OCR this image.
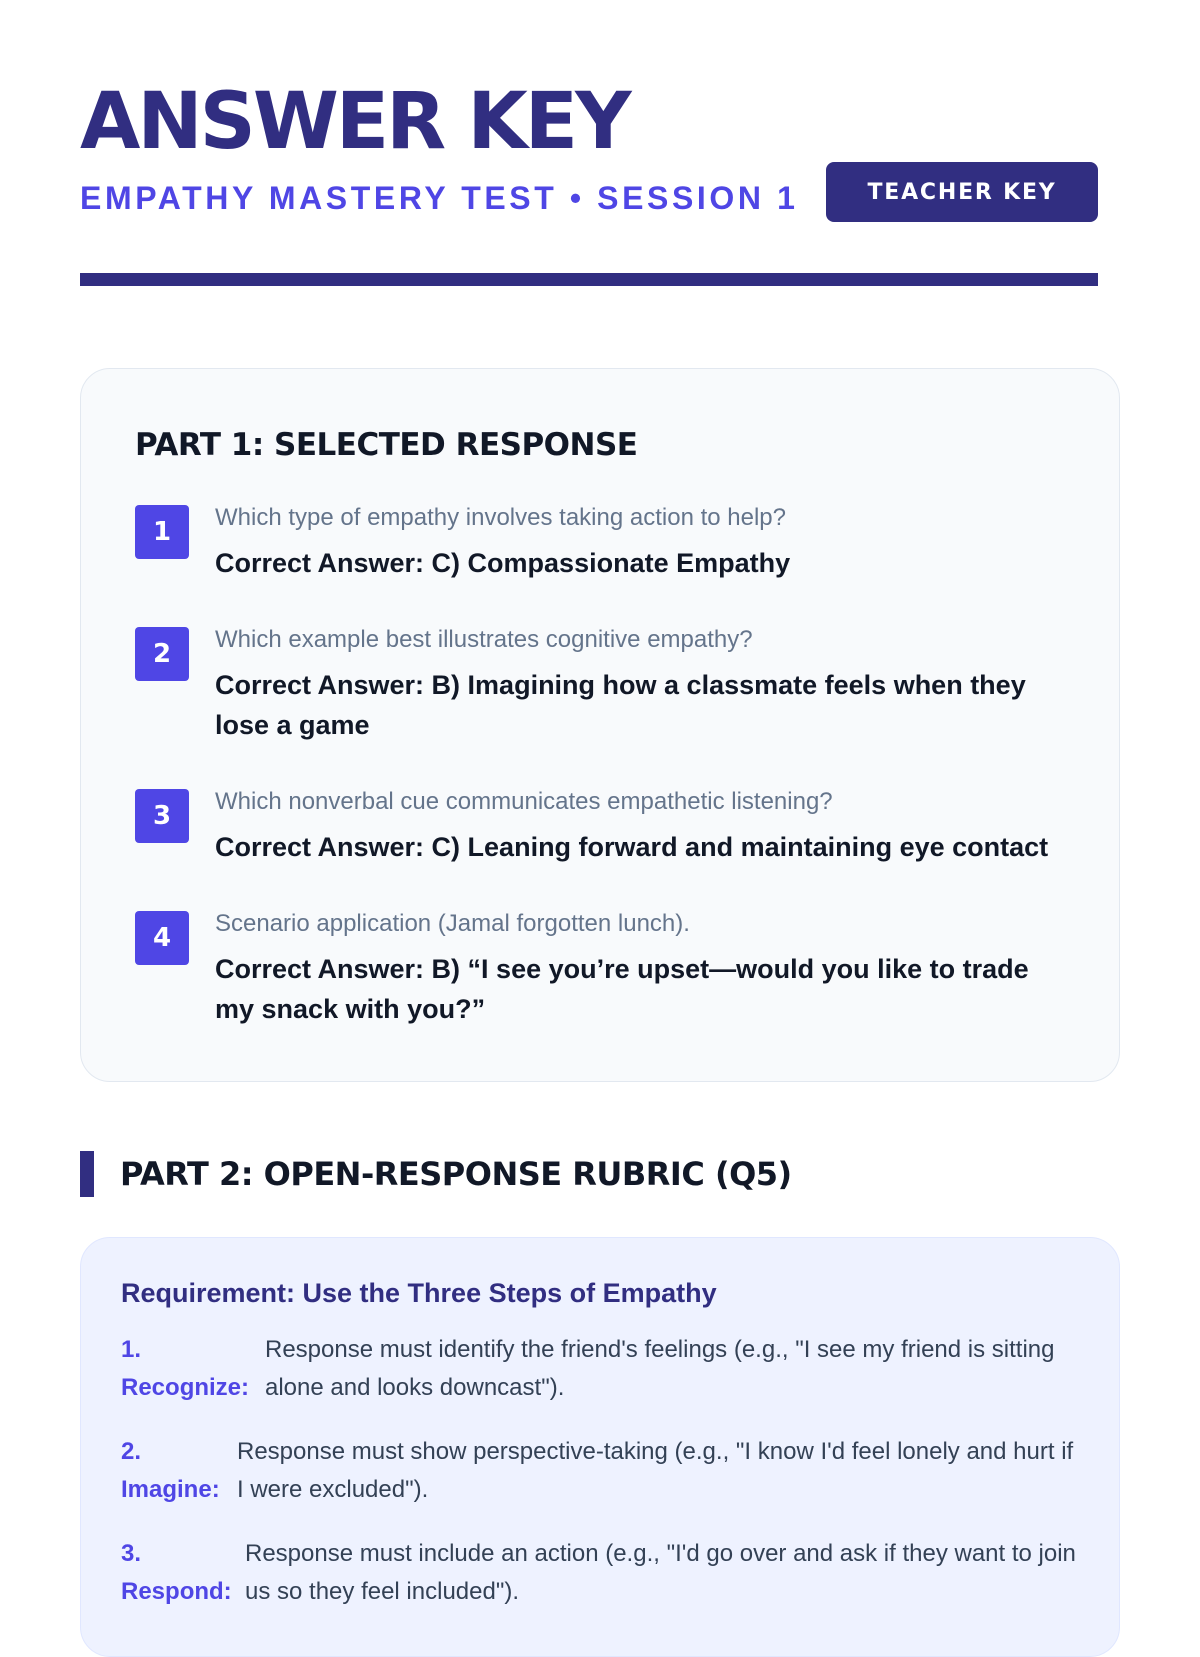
ANSWER KEY
EMPATHY MASTERY TEST • SESSION 1	TEACHER KEY
PART 1: SELECTED RESPONSE
1	Which type of empathy involves taking action to help?
Correct Answer: C) Compassionate Empathy
2	Which example best illustrates cognitive empathy?
Correct Answer: B) Imagining how a classmate feels when they lose a game
3	Which nonverbal cue communicates empathetic listening?
Correct Answer: C) Leaning forward and maintaining eye contact
4	Scenario application (Jamal forgotten lunch).
Correct Answer: B) “I see you’re upset—would you like to trade my snack with you?”
PART 2: OPEN-RESPONSE RUBRIC (Q5)
Requirement: Use the Three Steps of Empathy
1. Recognize:
Response must identify the friend's feelings (e.g., "I see my friend is sitting alone and looks downcast").
2. Imagine:
Response must show perspective-taking (e.g., "I know I'd feel lonely and hurt if I were excluded").
3. Respond:
Response must include an action (e.g., "I'd go over and ask if they want to join us so they feel included").
